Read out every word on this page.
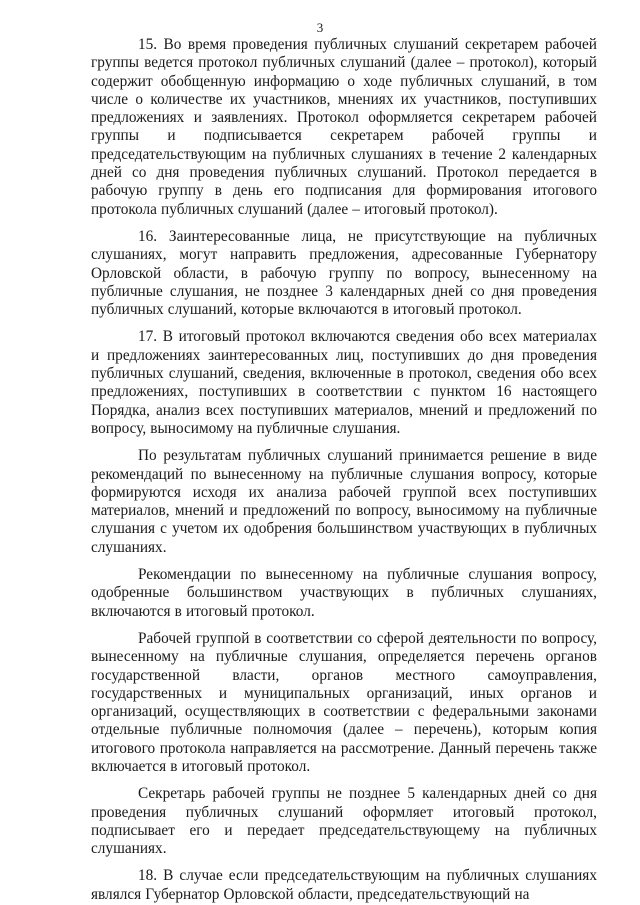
3

15. Во время проведения публичных слушаний секретарем рабочей группы ведется протокол публичных слушаний (далее – протокол), который содержит обобщенную информацию о ходе публичных слушаний, в том числе о количестве их участников, мнениях их участников, поступивших предложениях и заявлениях. Протокол оформляется секретарем рабочей группы и подписывается секретарем рабочей группы и председательствующим на публичных слушаниях в течение 2 календарных дней со дня проведения публичных слушаний. Протокол передается в рабочую группу в день его подписания для формирования итогового протокола публичных слушаний (далее – итоговый протокол).

16. Заинтересованные лица, не присутствующие на публичных слушаниях, могут направить предложения, адресованные Губернатору Орловской области, в рабочую группу по вопросу, вынесенному на публичные слушания, не позднее 3 календарных дней со дня проведения публичных слушаний, которые включаются в итоговый протокол.

17. В итоговый протокол включаются сведения обо всех материалах и предложениях заинтересованных лиц, поступивших до дня проведения публичных слушаний, сведения, включенные в протокол, сведения обо всех предложениях, поступивших в соответствии с пунктом 16 настоящего Порядка, анализ всех поступивших материалов, мнений и предложений по вопросу, выносимому на публичные слушания.

По результатам публичных слушаний принимается решение в виде рекомендаций по вынесенному на публичные слушания вопросу, которые формируются исходя их анализа рабочей группой всех поступивших материалов, мнений и предложений по вопросу, выносимому на публичные слушания с учетом их одобрения большинством участвующих в публичных слушаниях.

Рекомендации по вынесенному на публичные слушания вопросу, одобренные большинством участвующих в публичных слушаниях, включаются в итоговый протокол.

Рабочей группой в соответствии со сферой деятельности по вопросу, вынесенному на публичные слушания, определяется перечень органов государственной власти, органов местного самоуправления, государственных и муниципальных организаций, иных органов и организаций, осуществляющих в соответствии с федеральными законами отдельные публичные полномочия (далее – перечень), которым копия итогового протокола направляется на рассмотрение. Данный перечень также включается в итоговый протокол.

Секретарь рабочей группы не позднее 5 календарных дней со дня проведения публичных слушаний оформляет итоговый протокол, подписывает его и передает председательствующему на публичных слушаниях.

18. В случае если председательствующим на публичных слушаниях являлся Губернатор Орловской области, председательствующий на
